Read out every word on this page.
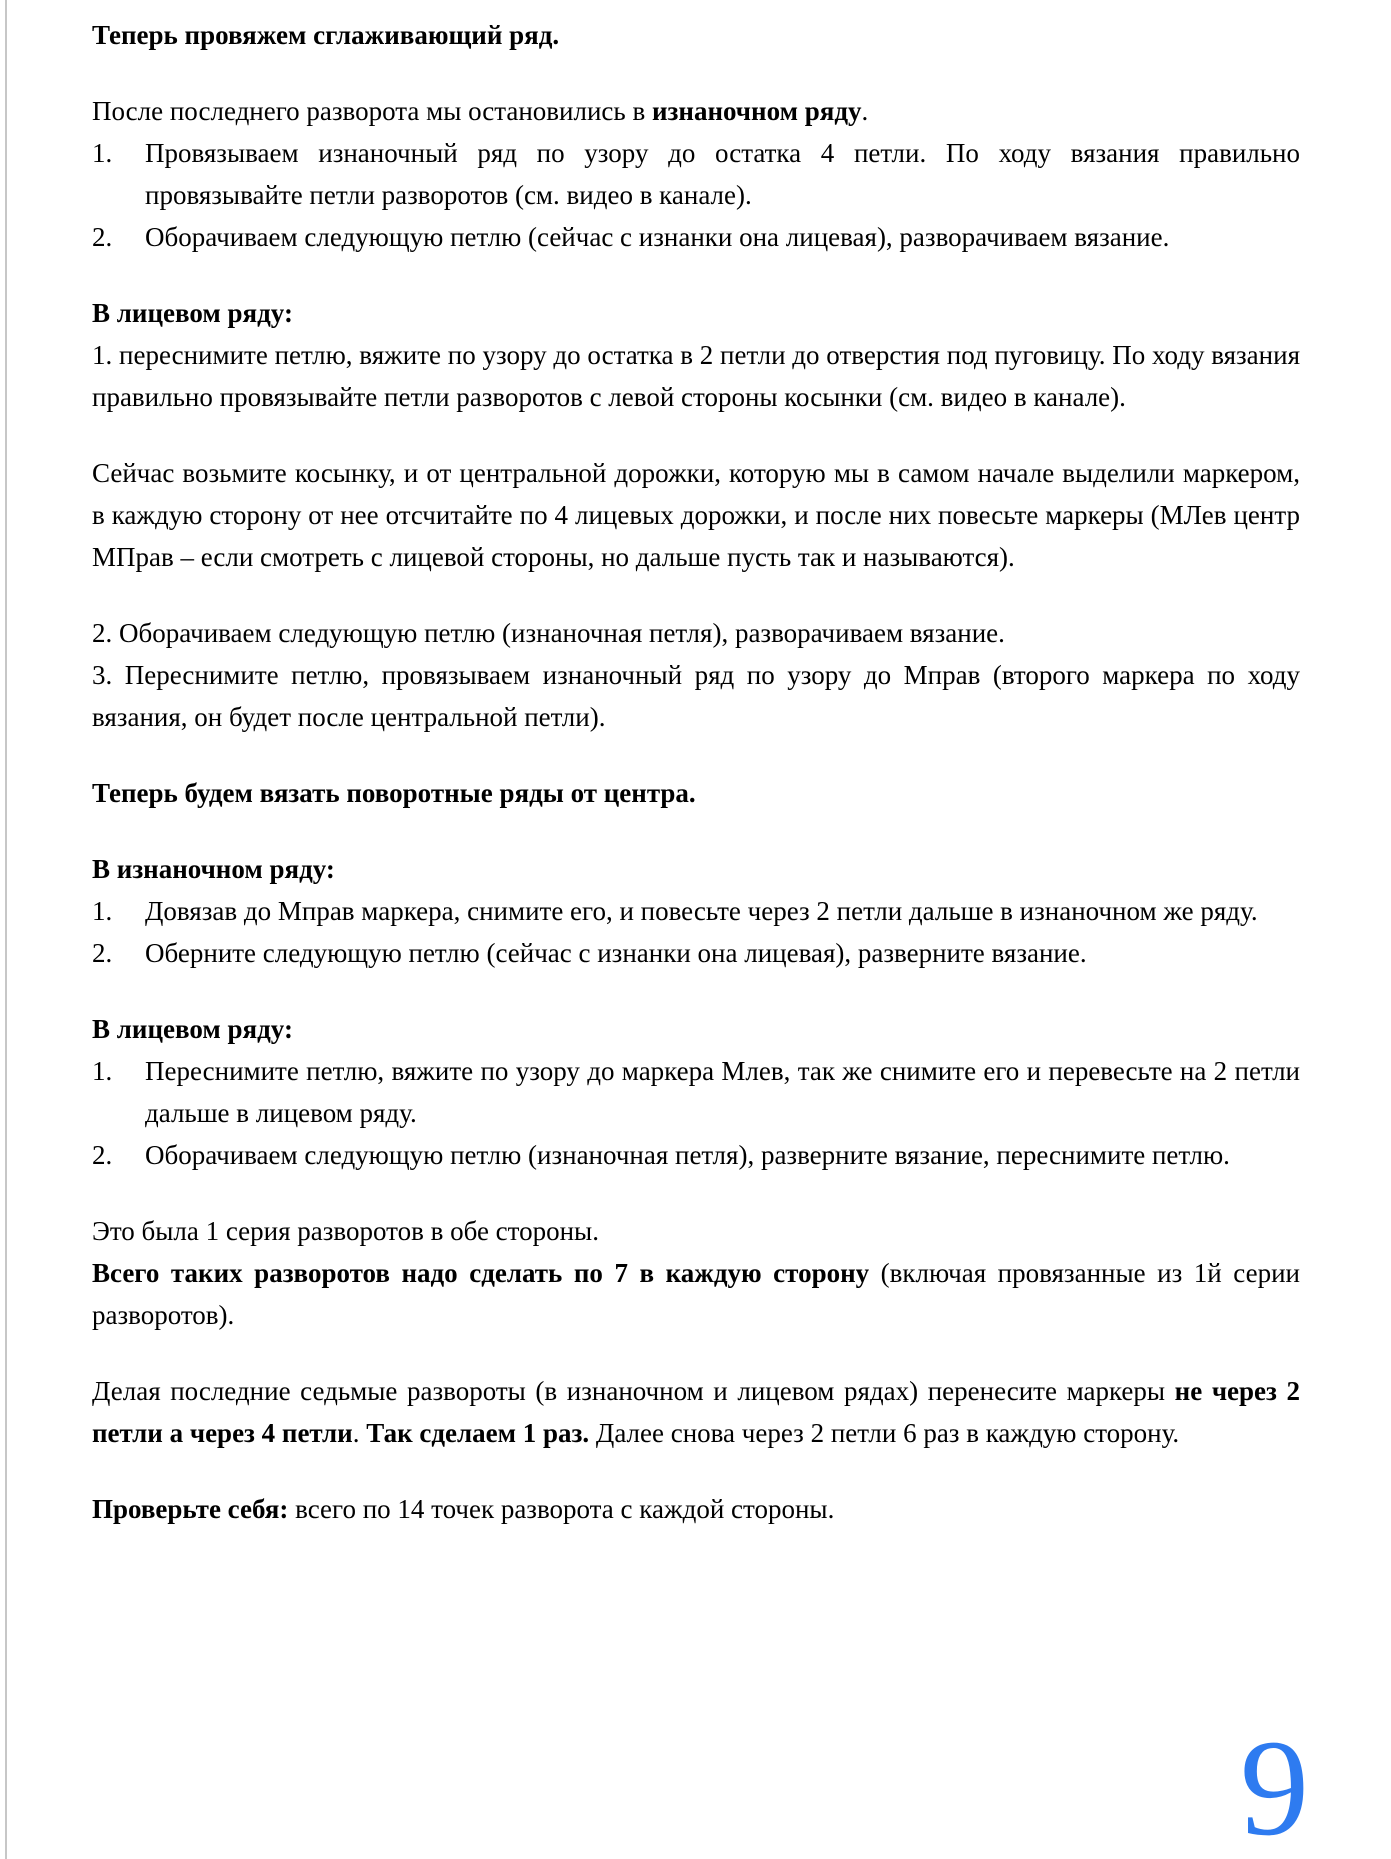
Теперь провяжем сглаживающий ряд.
После последнего разворота мы остановились в изнаночном ряду.
1. Провязываем изнаночный ряд по узору до остатка 4 петли. По ходу вязания правильно провязывайте петли разворотов (см. видео в канале).
2. Оборачиваем следующую петлю (сейчас с изнанки она лицевая), разворачиваем вязание.
В лицевом ряду:
1. переснимите петлю, вяжите по узору до остатка в 2 петли до отверстия под пуговицу. По ходу вязания правильно провязывайте петли разворотов с левой стороны косынки (см. видео в канале).
Сейчас возьмите косынку, и от центральной дорожки, которую мы в самом начале выделили маркером, в каждую сторону от нее отсчитайте по 4 лицевых дорожки, и после них повесьте маркеры (МЛев центр МПрав – если смотреть с лицевой стороны, но дальше пусть так и называются).
2. Оборачиваем следующую петлю (изнаночная петля), разворачиваем вязание.
3. Переснимите петлю, провязываем изнаночный ряд по узору до Мправ (второго маркера по ходу вязания, он будет после центральной петли).
Теперь будем вязать поворотные ряды от центра.
В изнаночном ряду:
1. Довязав до Мправ маркера, снимите его, и повесьте через 2 петли дальше в изнаночном же ряду.
2. Оберните следующую петлю (сейчас с изнанки она лицевая), разверните вязание.
В лицевом ряду:
1. Переснимите петлю, вяжите по узору до маркера Млев, так же снимите его и перевесьте на 2 петли дальше в лицевом ряду.
2. Оборачиваем следующую петлю (изнаночная петля), разверните вязание, переснимите петлю.
Это была 1 серия разворотов в обе стороны.
Всего таких разворотов надо сделать по 7 в каждую сторону (включая провязанные из 1й серии разворотов).
Делая последние седьмые развороты (в изнаночном и лицевом рядах) перенесите маркеры не через 2 петли а через 4 петли. Так сделаем 1 раз. Далее снова через 2 петли 6 раз в каждую сторону.
Проверьте себя: всего по 14 точек разворота с каждой стороны.
9
